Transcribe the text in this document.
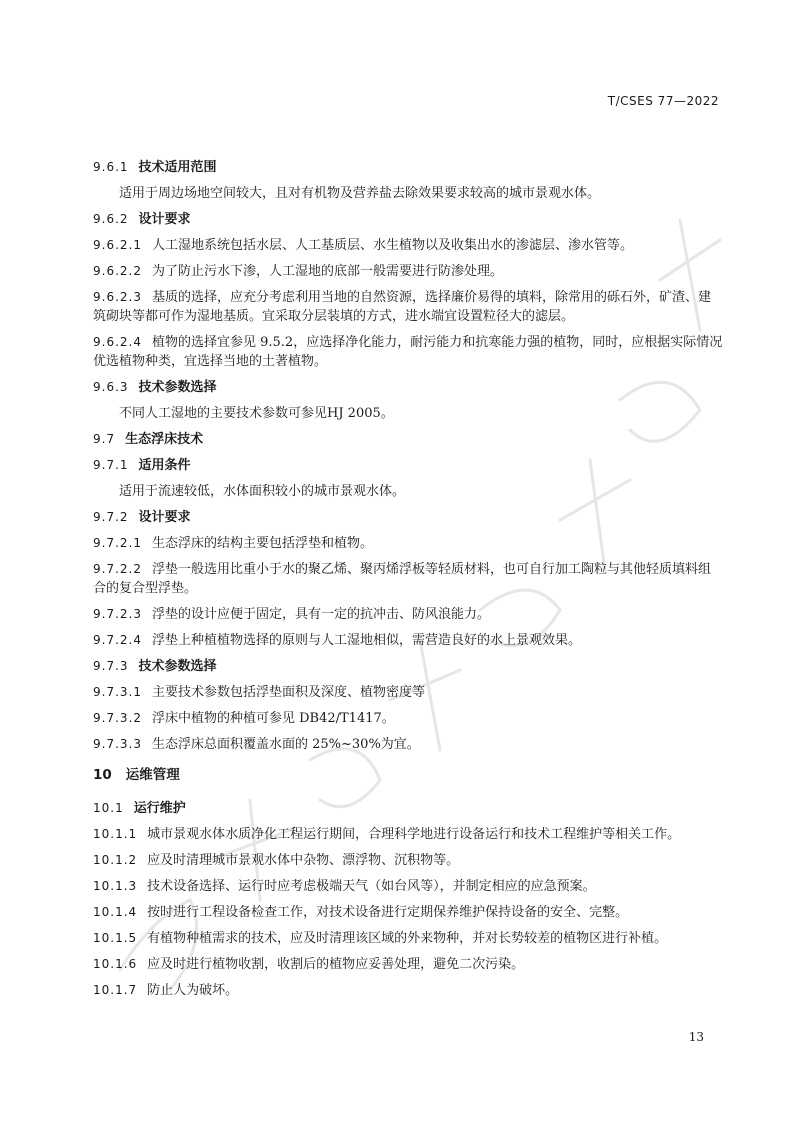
T/CSES 77—2022
9.6.1 技术适用范围
适用于周边场地空间较大，且对有机物及营养盐去除效果要求较高的城市景观水体。
9.6.2 设计要求
9.6.2.1 人工湿地系统包括水层、人工基质层、水生植物以及收集出水的渗滤层、渗水管等。
9.6.2.2 为了防止污水下渗，人工湿地的底部一般需要进行防渗处理。
9.6.2.3 基质的选择，应充分考虑利用当地的自然资源，选择廉价易得的填料，除常用的砾石外，矿渣、建筑砌块等都可作为湿地基质。宜采取分层装填的方式，进水端宜设置粒径大的滤层。
9.6.2.4 植物的选择宜参见 9.5.2，应选择净化能力，耐污能力和抗寒能力强的植物，同时，应根据实际情况优选植物种类，宜选择当地的土著植物。
9.6.3 技术参数选择
不同人工湿地的主要技术参数可参见HJ 2005。
9.7 生态浮床技术
9.7.1 适用条件
适用于流速较低，水体面积较小的城市景观水体。
9.7.2 设计要求
9.7.2.1 生态浮床的结构主要包括浮垫和植物。
9.7.2.2 浮垫一般选用比重小于水的聚乙烯、聚丙烯浮板等轻质材料，也可自行加工陶粒与其他轻质填料组合的复合型浮垫。
9.7.2.3 浮垫的设计应便于固定，具有一定的抗冲击、防风浪能力。
9.7.2.4 浮垫上种植植物选择的原则与人工湿地相似，需营造良好的水上景观效果。
9.7.3 技术参数选择
9.7.3.1 主要技术参数包括浮垫面积及深度、植物密度等
9.7.3.2 浮床中植物的种植可参见 DB42/T1417。
9.7.3.3 生态浮床总面积覆盖水面的 25%~30%为宜。
10 运维管理
10.1 运行维护
10.1.1 城市景观水体水质净化工程运行期间，合理科学地进行设备运行和技术工程维护等相关工作。
10.1.2 应及时清理城市景观水体中杂物、漂浮物、沉积物等。
10.1.3 技术设备选择、运行时应考虑极端天气（如台风等），并制定相应的应急预案。
10.1.4 按时进行工程设备检查工作，对技术设备进行定期保养维护保持设备的安全、完整。
10.1.5 有植物种植需求的技术，应及时清理该区域的外来物种，并对长势较差的植物区进行补植。
10.1.6 应及时进行植物收割，收割后的植物应妥善处理，避免二次污染。
10.1.7 防止人为破坏。
13
